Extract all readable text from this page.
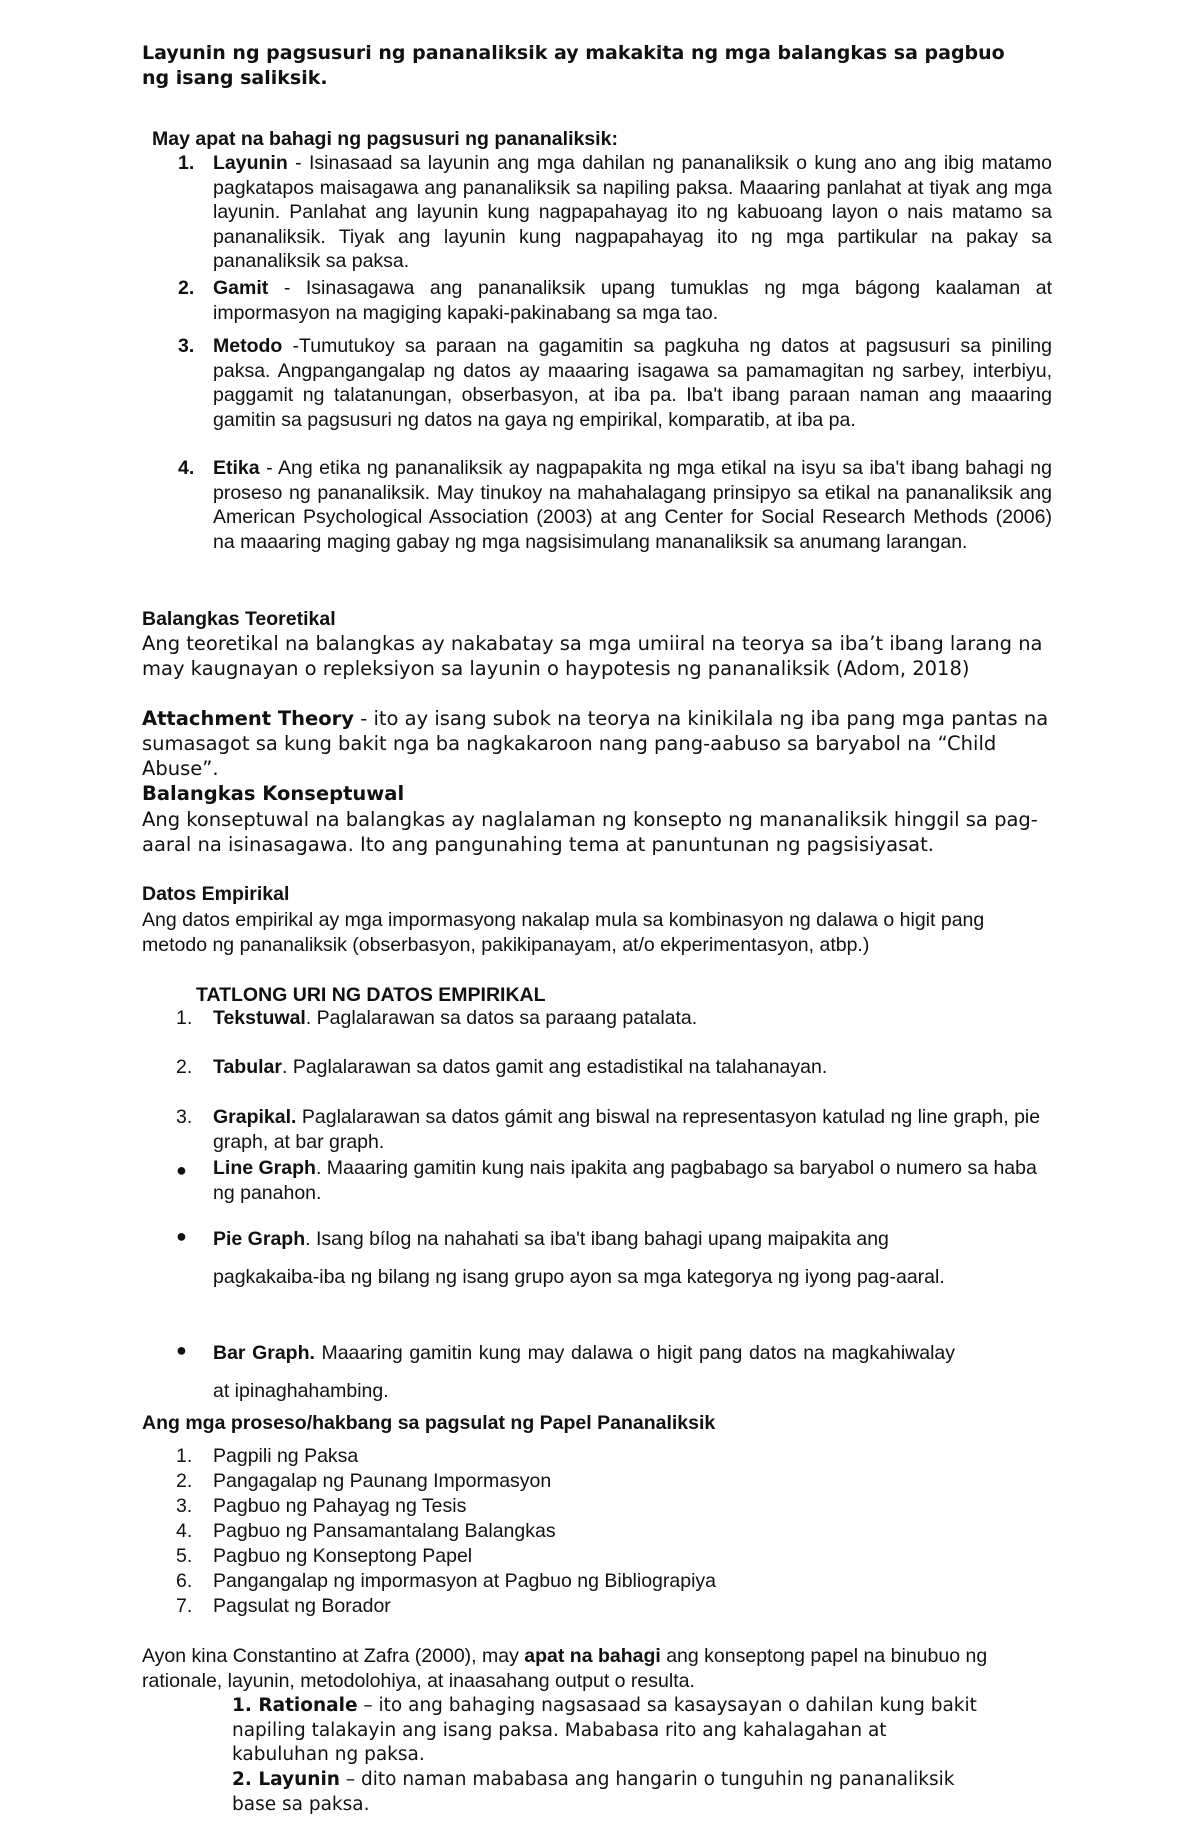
Layunin ng pagsusuri ng pananaliksik ay makakita ng mga balangkas sa pagbuo ng isang saliksik.
May apat na bahagi ng pagsusuri ng pananaliksik:
1. Layunin - Isinasaad sa layunin ang mga dahilan ng pananaliksik o kung ano ang ibig matamo pagkatapos maisagawa ang pananaliksik sa napiling paksa. Maaaring panlahat at tiyak ang mga layunin. Panlahat ang layunin kung nagpapahayag ito ng kabuoang layon o nais matamo sa pananaliksik. Tiyak ang layunin kung nagpapahayag ito ng mga partikular na pakay sa pananaliksik sa paksa.
2. Gamit - Isinasagawa ang pananaliksik upang tumuklas ng mga bágong kaalaman at impormasyon na magiging kapaki-pakinabang sa mga tao.
3. Metodo -Tumutukoy sa paraan na gagamitin sa pagkuha ng datos at pagsusuri sa piniling paksa. Angpangangalap ng datos ay maaaring isagawa sa pamamagitan ng sarbey, interbiyu, paggamit ng talatanungan, obserbasyon, at iba pa. Iba't ibang paraan naman ang maaaring gamitin sa pagsusuri ng datos na gaya ng empirikal, komparatib, at iba pa.
4. Etika - Ang etika ng pananaliksik ay nagpapakita ng mga etikal na isyu sa iba't ibang bahagi ng proseso ng pananaliksik. May tinukoy na mahahalagang prinsipyo sa etikal na pananaliksik ang American Psychological Association (2003) at ang Center for Social Research Methods (2006) na maaaring maging gabay ng mga nagsisimulang mananaliksik sa anumang larangan.
Balangkas Teoretikal
Ang teoretikal na balangkas ay nakabatay sa mga umiiral na teorya sa iba’t ibang larang na may kaugnayan o repleksiyon sa layunin o haypotesis ng pananaliksik (Adom, 2018)
Attachment Theory - ito ay isang subok na teorya na kinikilala ng iba pang mga pantas na sumasagot sa kung bakit nga ba nagkakaroon nang pang-aabuso sa baryabol na “Child Abuse”.
Balangkas Konseptuwal
Ang konseptuwal na balangkas ay naglalaman ng konsepto ng mananaliksik hinggil sa pag-aaral na isinasagawa. Ito ang pangunahing tema at panuntunan ng pagsisiyasat.
Datos Empirikal
Ang datos empirikal ay mga impormasyong nakalap mula sa kombinasyon ng dalawa o higit pang metodo ng pananaliksik (obserbasyon, pakikipanayam, at/o ekperimentasyon, atbp.)
TATLONG URI NG DATOS EMPIRIKAL
1. Tekstuwal. Paglalarawan sa datos sa paraang patalata.
2. Tabular. Paglalarawan sa datos gamit ang estadistikal na talahanayan.
3. Grapikal. Paglalarawan sa datos gámit ang biswal na representasyon katulad ng line graph, pie graph, at bar graph.
● Line Graph. Maaaring gamitin kung nais ipakita ang pagbabago sa baryabol o numero sa haba ng panahon.
● Pie Graph. Isang bílog na nahahati sa iba't ibang bahagi upang maipakita ang pagkakaiba-iba ng bilang ng isang grupo ayon sa mga kategorya ng iyong pag-aaral.
● Bar Graph. Maaaring gamitin kung may dalawa o higit pang datos na magkahiwalay at ipinaghahambing.
Ang mga proseso/hakbang sa pagsulat ng Papel Pananaliksik
1. Pagpili ng Paksa
2. Pangagalap ng Paunang Impormasyon
3. Pagbuo ng Pahayag ng Tesis
4. Pagbuo ng Pansamantalang Balangkas
5. Pagbuo ng Konseptong Papel
6. Pangangalap ng impormasyon at Pagbuo ng Bibliograpiya
7. Pagsulat ng Borador
Ayon kina Constantino at Zafra (2000), may apat na bahagi ang konseptong papel na binubuo ng rationale, layunin, metodolohiya, at inaasahang output o resulta.
1. Rationale – ito ang bahaging nagsasaad sa kasaysayan o dahilan kung bakit napiling talakayin ang isang paksa. Mababasa rito ang kahalagahan at kabuluhan ng paksa.
2. Layunin – dito naman mababasa ang hangarin o tunguhin ng pananaliksik base sa paksa.
